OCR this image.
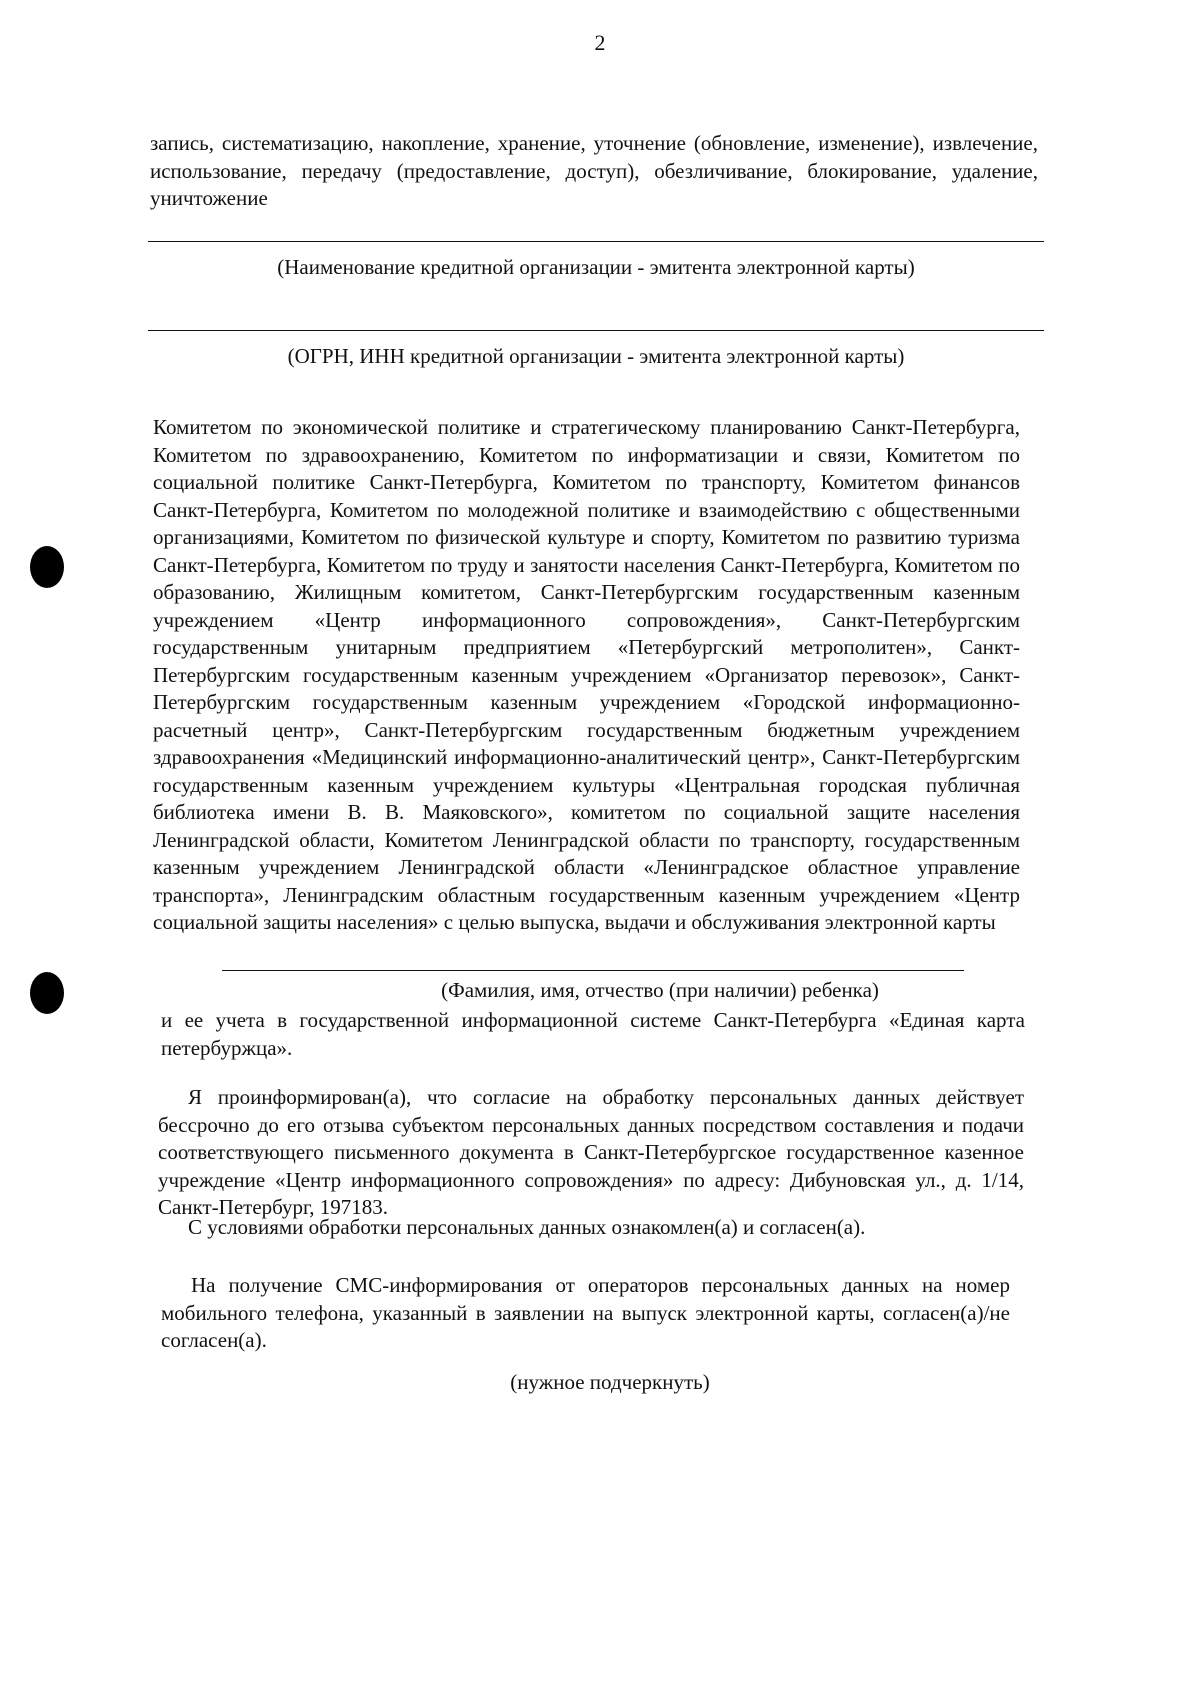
2

запись, систематизацию, накопление, хранение, уточнение (обновление, изменение), извлечение, использование, передачу (предоставление, доступ), обезличивание, блокирование, удаление, уничтожение

(Наименование кредитной организации - эмитента электронной карты)
(ОГРН, ИНН кредитной организации - эмитента электронной карты)

Комитетом по экономической политике и стратегическому планированию Санкт-Петербурга, Комитетом по здравоохранению, Комитетом по информатизации и связи, Комитетом по социальной политике Санкт-Петербурга, Комитетом по транспорту, Комитетом финансов Санкт-Петербурга, Комитетом по молодежной политике и взаимодействию с общественными организациями, Комитетом по физической культуре и спорту, Комитетом по развитию туризма Санкт-Петербурга, Комитетом по труду и занятости населения Санкт-Петербурга, Комитетом по образованию, Жилищным комитетом, Санкт-Петербургским государственным казенным учреждением «Центр информационного сопровождения», Санкт-Петербургским государственным унитарным предприятием «Петербургский метрополитен», Санкт-Петербургским государственным казенным учреждением «Организатор перевозок», Санкт-Петербургским государственным казенным учреждением «Городской информационно-расчетный центр», Санкт-Петербургским государственным бюджетным учреждением здравоохранения «Медицинский информационно-аналитический центр», Санкт-Петербургским государственным казенным учреждением культуры «Центральная городская публичная библиотека имени В. В. Маяковского», комитетом по социальной защите населения Ленинградской области, Комитетом Ленинградской области по транспорту, государственным казенным учреждением Ленинградской области «Ленинградское областное управление транспорта», Ленинградским областным государственным казенным учреждением «Центр социальной защиты населения» с целью выпуска, выдачи и обслуживания электронной карты

(Фамилия, имя, отчество (при наличии) ребенка)

и ее учета в государственной информационной системе Санкт-Петербурга «Единая карта петербуржца».

Я проинформирован(а), что согласие на обработку персональных данных действует бессрочно до его отзыва субъектом персональных данных посредством составления и подачи соответствующего письменного документа в Санкт-Петербургское государственное казенное учреждение «Центр информационного сопровождения» по адресу: Дибуновская ул., д. 1/14, Санкт-Петербург, 197183.

С условиями обработки персональных данных ознакомлен(а) и согласен(а).

На получение СМС-информирования от операторов персональных данных на номер мобильного телефона, указанный в заявлении на выпуск электронной карты, согласен(а)/не согласен(а).

(нужное подчеркнуть)
